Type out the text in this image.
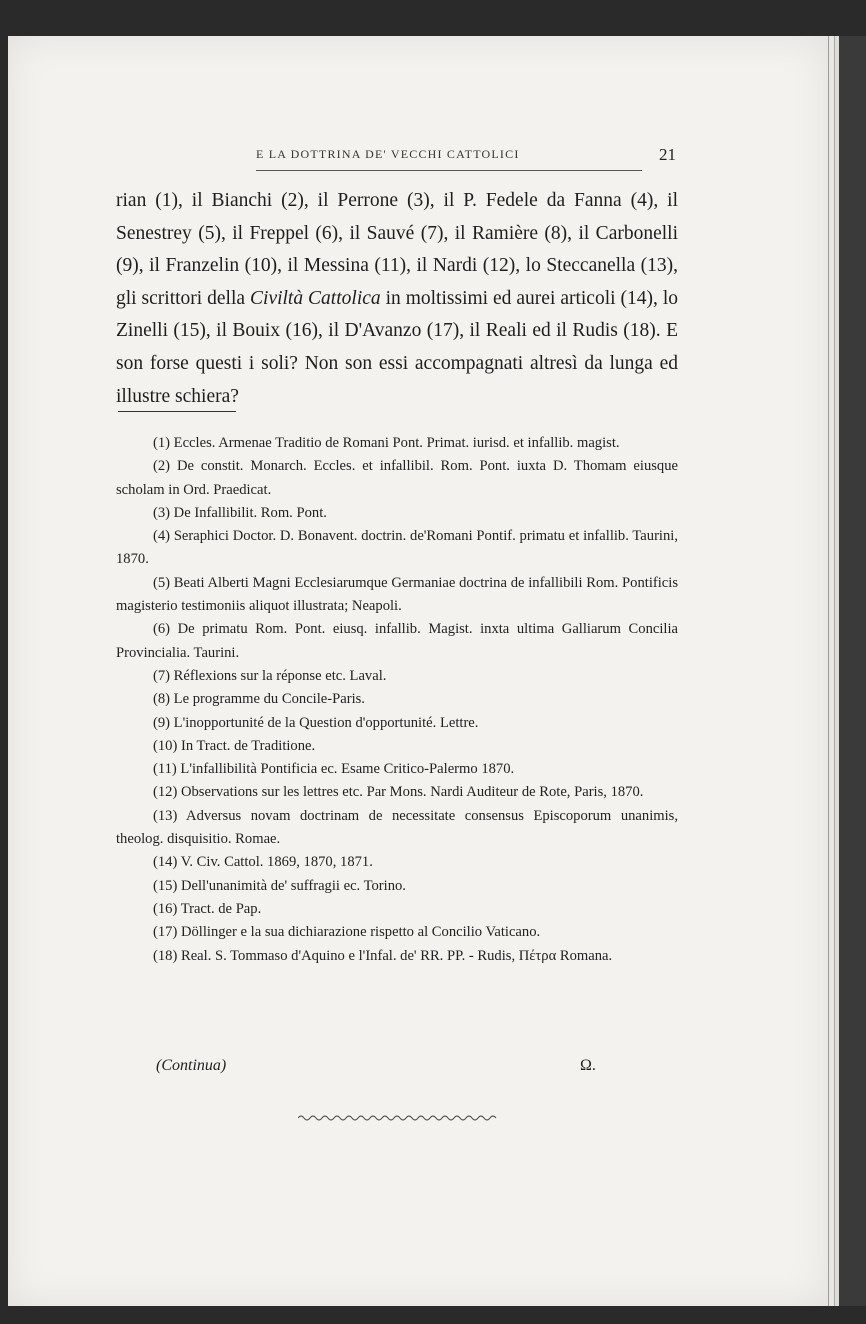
E LA DOTTRINA DE' VECCHI CATTOLICI	21

rian (1), il Bianchi (2), il Perrone (3), il P. Fedele da Fanna (4), il Senestrey (5), il Freppel (6), il Sauvé (7), il Ramière (8), il Carbonelli (9), il Franzelin (10), il Messina (11), il Nardi (12), lo Steccanella (13), gli scrittori della Civiltà Cattolica in moltissimi ed aurei articoli (14), lo Zinelli (15), il Bouix (16), il D'Avanzo (17), il Reali ed il Rudis (18). E son forse questi i soli? Non son essi accompagnati altresì da lunga ed illustre schiera?

(1) Eccles. Armenae Traditio de Romani Pont. Primat. iurisd. et infallib. magist.

(2) De constit. Monarch. Eccles. et infallibil. Rom. Pont. iuxta D. Thomam eiusque scholam in Ord. Praedicat.

(3) De Infallibilit. Rom. Pont.

(4) Seraphici Doctor. D. Bonavent. doctrin. de'Romani Pontif. primatu et infallib. Taurini, 1870.

(5) Beati Alberti Magni Ecclesiarumque Germaniae doctrina de infallibili Rom. Pontificis magisterio testimoniis aliquot illustrata; Neapoli.

(6) De primatu Rom. Pont. eiusq. infallib. Magist. inxta ultima Galliarum Concilia Provincialia. Taurini.

(7) Réflexions sur la réponse etc. Laval.

(8) Le programme du Concile-Paris.

(9) L'inopportunité de la Question d'opportunité. Lettre.

(10) In Tract. de Traditione.

(11) L'infallibilità Pontificia ec. Esame Critico-Palermo 1870.

(12) Observations sur les lettres etc. Par Mons. Nardi Auditeur de Rote, Paris, 1870.

(13) Adversus novam doctrinam de necessitate consensus Episcoporum unanimis, theolog. disquisitio. Romae.

(14) V. Civ. Cattol. 1869, 1870, 1871.

(15) Dell'unanimità de' suffragii ec. Torino.

(16) Tract. de Pap.

(17) Döllinger e la sua dichiarazione rispetto al Concilio Vaticano.

(18) Real. S. Tommaso d'Aquino e l'Infal. de' RR. PP. - Rudis, Πέτρα Romana.

(Continua)	Ω.
